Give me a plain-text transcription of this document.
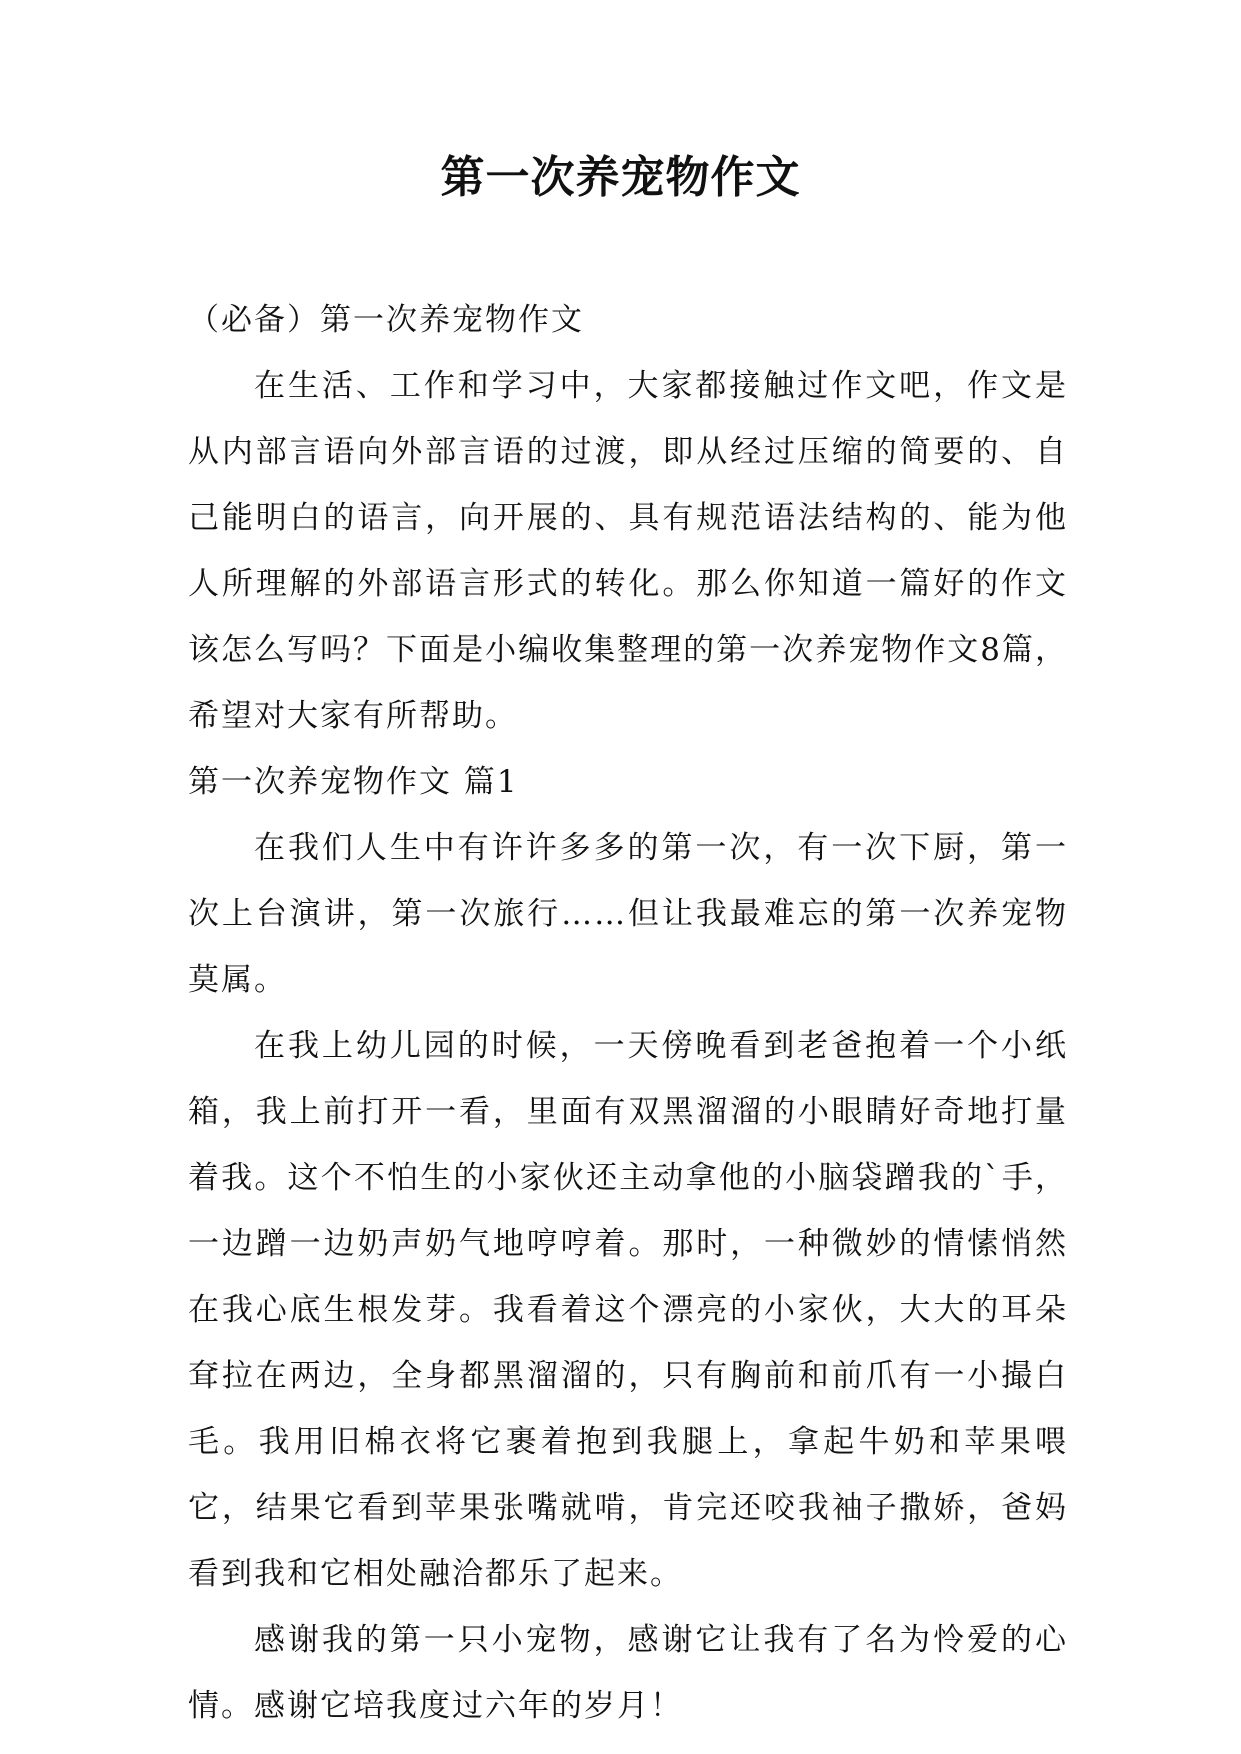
第一次养宠物作文

（必备）第一次养宠物作文

在生活、工作和学习中，大家都接触过作文吧，作文是从内部言语向外部言语的过渡，即从经过压缩的简要的、自己能明白的语言，向开展的、具有规范语法结构的、能为他人所理解的外部语言形式的转化。那么你知道一篇好的作文该怎么写吗？下面是小编收集整理的第一次养宠物作文8篇，希望对大家有所帮助。

第一次养宠物作文 篇1

在我们人生中有许许多多的第一次，有一次下厨，第一次上台演讲，第一次旅行……但让我最难忘的第一次养宠物莫属。

在我上幼儿园的时候，一天傍晚看到老爸抱着一个小纸箱，我上前打开一看，里面有双黑溜溜的小眼睛好奇地打量着我。这个不怕生的小家伙还主动拿他的小脑袋蹭我的`手，一边蹭一边奶声奶气地哼哼着。那时，一种微妙的情愫悄然在我心底生根发芽。我看着这个漂亮的小家伙，大大的耳朵耷拉在两边，全身都黑溜溜的，只有胸前和前爪有一小撮白毛。我用旧棉衣将它裹着抱到我腿上，拿起牛奶和苹果喂它，结果它看到苹果张嘴就啃，肯完还咬我袖子撒娇，爸妈看到我和它相处融洽都乐了起来。

感谢我的第一只小宠物，感谢它让我有了名为怜爱的心情。感谢它培我度过六年的岁月！
